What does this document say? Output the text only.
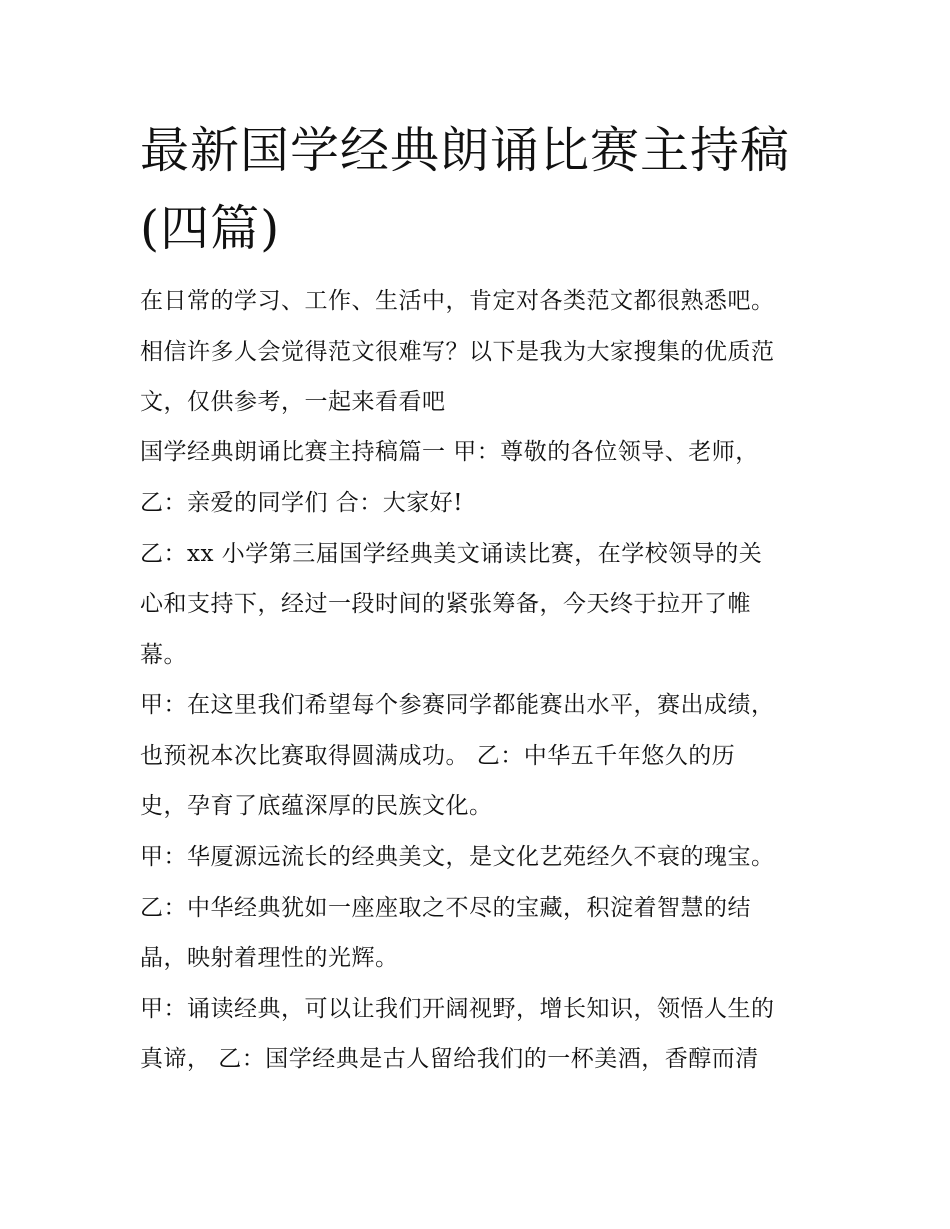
最新国学经典朗诵比赛主持稿
(四篇)
在日常的学习、工作、生活中，肯定对各类范文都很熟悉吧。
相信许多人会觉得范文很难写？以下是我为大家搜集的优质范
文，仅供参考，一起来看看吧
国学经典朗诵比赛主持稿篇一 甲：尊敬的各位领导、老师，
乙：亲爱的同学们 合：大家好!
乙：xx 小学第三届国学经典美文诵读比赛，在学校领导的关
心和支持下，经过一段时间的紧张筹备，今天终于拉开了帷
幕。
甲：在这里我们希望每个参赛同学都能赛出水平，赛出成绩，
也预祝本次比赛取得圆满成功。 乙：中华五千年悠久的历
史，孕育了底蕴深厚的民族文化。
甲：华厦源远流长的经典美文，是文化艺苑经久不衰的瑰宝。
乙：中华经典犹如一座座取之不尽的宝藏，积淀着智慧的结
晶，映射着理性的光辉。
甲：诵读经典，可以让我们开阔视野，增长知识，领悟人生的
真谛， 乙：国学经典是古人留给我们的一杯美酒，香醇而清
